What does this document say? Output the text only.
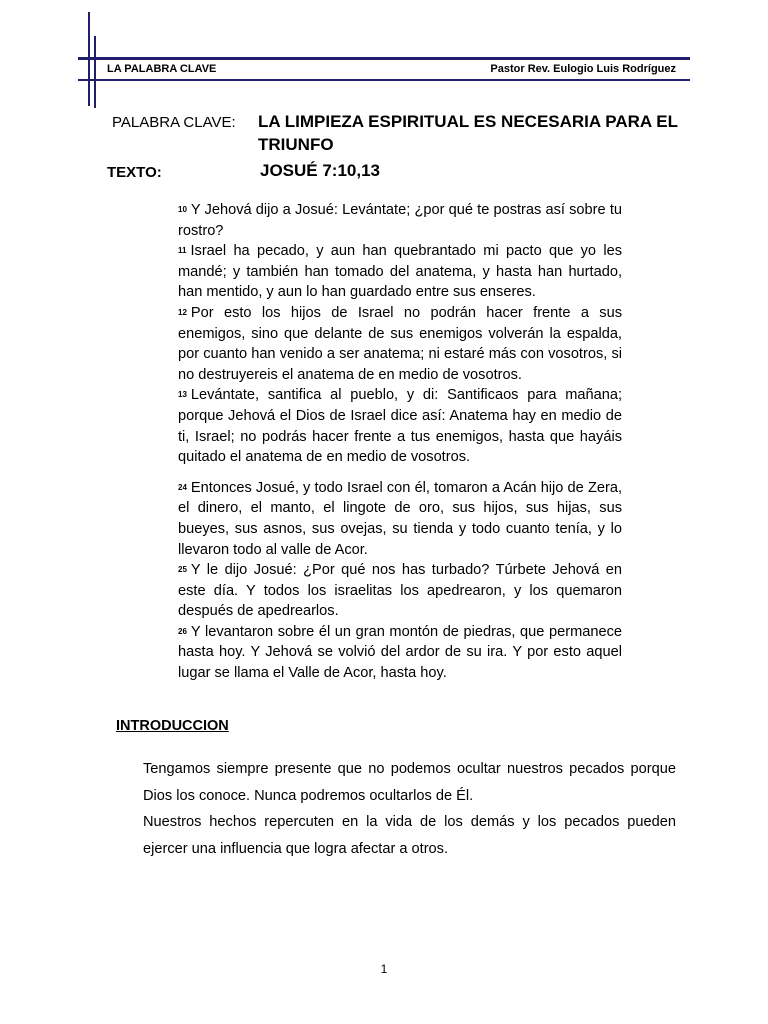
LA PALABRA CLAVE	Pastor Rev. Eulogio Luis Rodríguez
PALABRA CLAVE: LA LIMPIEZA ESPIRITUAL ES NECESARIA PARA EL TRIUNFO
TEXTO:	JOSUÉ 7:10,13

$^{10}$ Y Jehová dijo a Josué: Levántate; ¿por qué te postras así sobre tu rostro?

$^{11}$ Israel ha pecado, y aun han quebrantado mi pacto que yo les mandé; y también han tomado del anatema, y hasta han hurtado, han mentido, y aun lo han guardado entre sus enseres.

$^{12}$ Por esto los hijos de Israel no podrán hacer frente a sus enemigos, sino que delante de sus enemigos volverán la espalda, por cuanto han venido a ser anatema; ni estaré más con vosotros, si no destruyereis el anatema de en medio de vosotros.

$^{13}$ Levántate, santifica al pueblo, y di: Santificaos para mañana; porque Jehová el Dios de Israel dice así: Anatema hay en medio de ti, Israel; no podrás hacer frente a tus enemigos, hasta que hayáis quitado el anatema de en medio de vosotros.

$^{24}$ Entonces Josué, y todo Israel con él, tomaron a Acán hijo de Zera, el dinero, el manto, el lingote de oro, sus hijos, sus hijas, sus bueyes, sus asnos, sus ovejas, su tienda y todo cuanto tenía, y lo llevaron todo al valle de Acor.

$^{25}$ Y le dijo Josué: ¿Por qué nos has turbado? Túrbete Jehová en este día. Y todos los israelitas los apedrearon, y los quemaron después de apedrearlos.

$^{26}$ Y levantaron sobre él un gran montón de piedras, que permanece hasta hoy. Y Jehová se volvió del ardor de su ira. Y por esto aquel lugar se llama el Valle de Acor, hasta hoy.

INTRODUCCION

Tengamos siempre presente que no podemos ocultar nuestros pecados porque Dios los conoce. Nunca podremos ocultarlos de Él.

Nuestros hechos repercuten en la vida de los demás y los pecados pueden ejercer una influencia que logra afectar a otros.

1
